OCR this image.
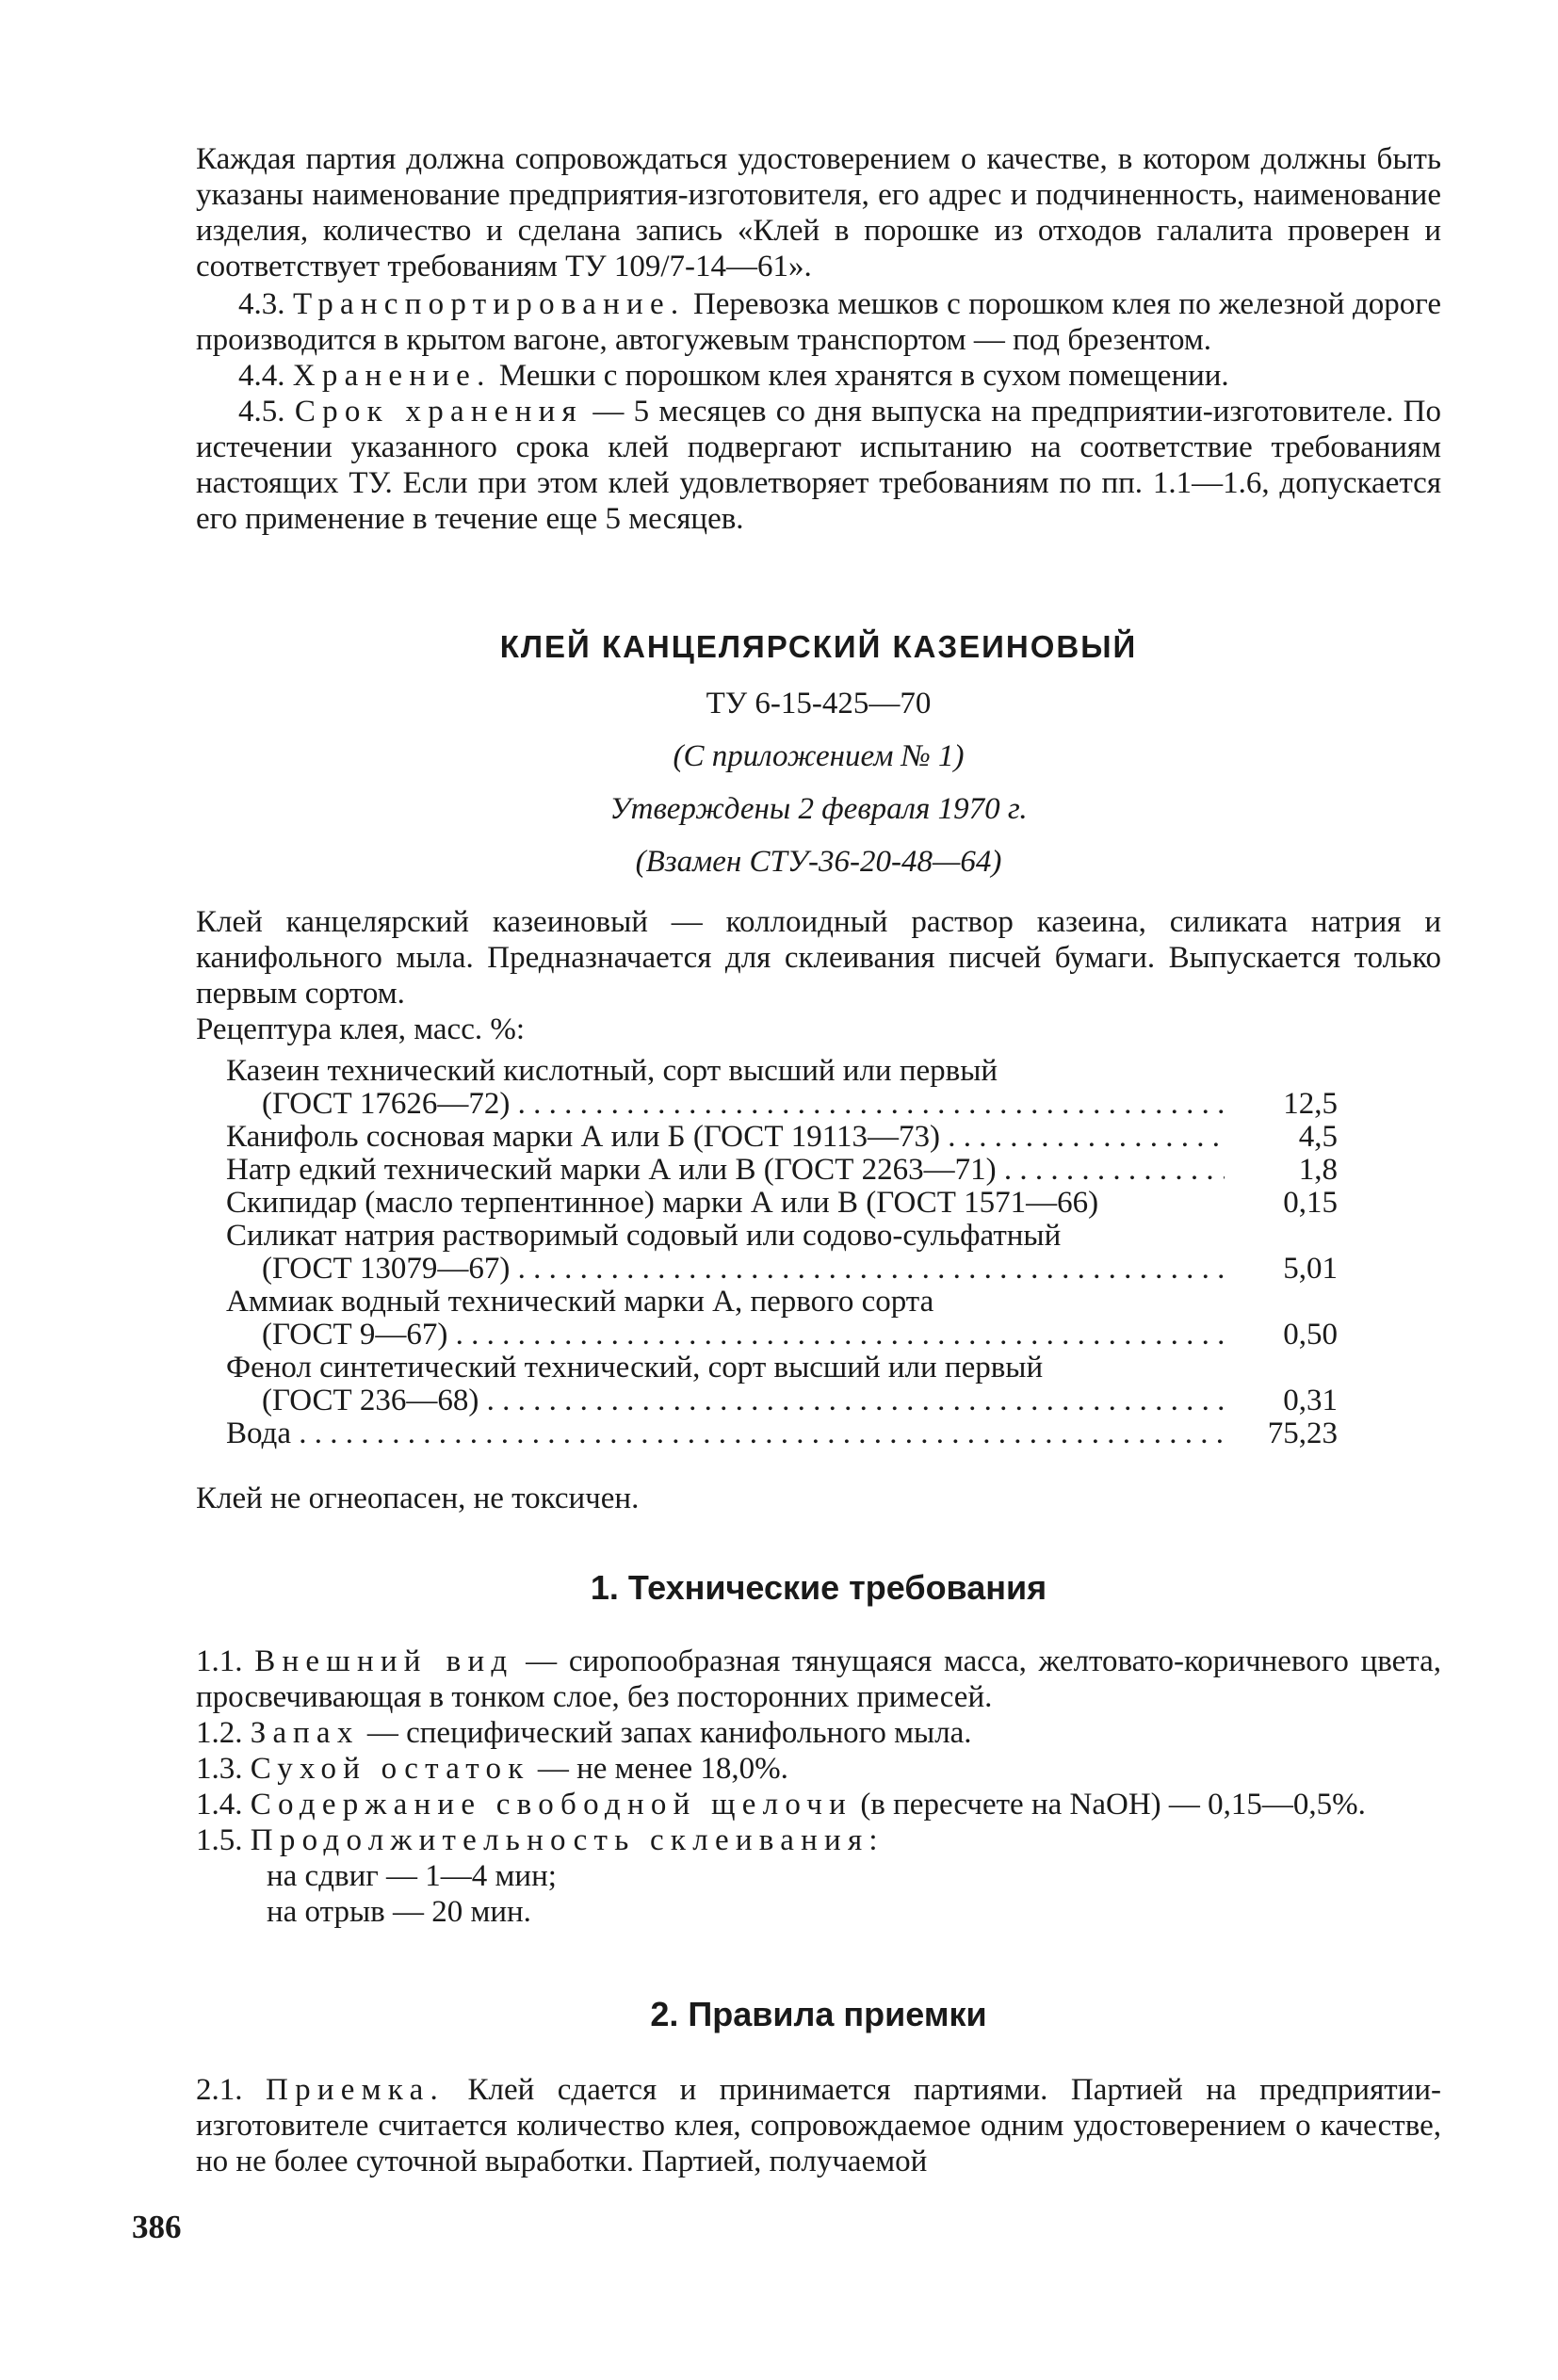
Каждая партия должна сопровождаться удостоверением о качестве, в котором должны быть указаны наименование предприятия-изготовителя, его адрес и подчиненность, наименование изделия, количество и сделана запись «Клей в порошке из отходов галалита проверен и соответствует требованиям ТУ 109/7-14—61».

4.3. Транспортирование. Перевозка мешков с порошком клея по железной дороге производится в крытом вагоне, автогужевым транспортом — под брезентом.

4.4. Хранение. Мешки с порошком клея хранятся в сухом помещении.

4.5. Срок хранения — 5 месяцев со дня выпуска на предприятии-изготовителе. По истечении указанного срока клей подвергают испытанию на соответствие требованиям настоящих ТУ. Если при этом клей удовлетворяет требованиям по пп. 1.1—1.6, допускается его применение в течение еще 5 месяцев.

КЛЕЙ КАНЦЕЛЯРСКИЙ КАЗЕИНОВЫЙ

ТУ 6-15-425—70

(С приложением № 1)

Утверждены 2 февраля 1970 г.

(Взамен СТУ-36-20-48—64)

Клей канцелярский казеиновый — коллоидный раствор казеина, силиката натрия и канифольного мыла. Предназначается для склеивания писчей бумаги. Выпускается только первым сортом.

Рецептура клея, масс. %:

Казеин технический кислотный, сорт высший или первый
(ГОСТ 17626—72) . . .	12,5
Канифоль сосновая марки А или Б (ГОСТ 19113—73) . . .	4,5
Натр едкий технический марки А или В (ГОСТ 2263—71) . . .	1,8
Скипидар (масло терпентинное) марки А или В (ГОСТ 1571—66)	0,15
Силикат натрия растворимый содовый или содово-сульфатный
(ГОСТ 13079—67) . . .	5,01
Аммиак водный технический марки А, первого сорта
(ГОСТ 9—67) . . .	0,50
Фенол синтетический технический, сорт высший или первый
(ГОСТ 236—68) . . .	0,31
Вода . . .	75,23

Клей не огнеопасен, не токсичен.

1. Технические требования

1.1. Внешний вид — сиропообразная тянущаяся масса, желтовато-коричневого цвета, просвечивающая в тонком слое, без посторонних примесей.

1.2. Запах — специфический запах канифольного мыла.

1.3. Сухой остаток — не менее 18,0%.

1.4. Содержание свободной щелочи (в пересчете на NaOH) — 0,15—0,5%.

1.5. Продолжительность склеивания:

на сдвиг — 1—4 мин;

на отрыв — 20 мин.

2. Правила приемки

2.1. Приемка. Клей сдается и принимается партиями. Партией на предприятии-изготовителе считается количество клея, сопровождаемое одним удостоверением о качестве, но не более суточной выработки. Партией, получаемой

386
